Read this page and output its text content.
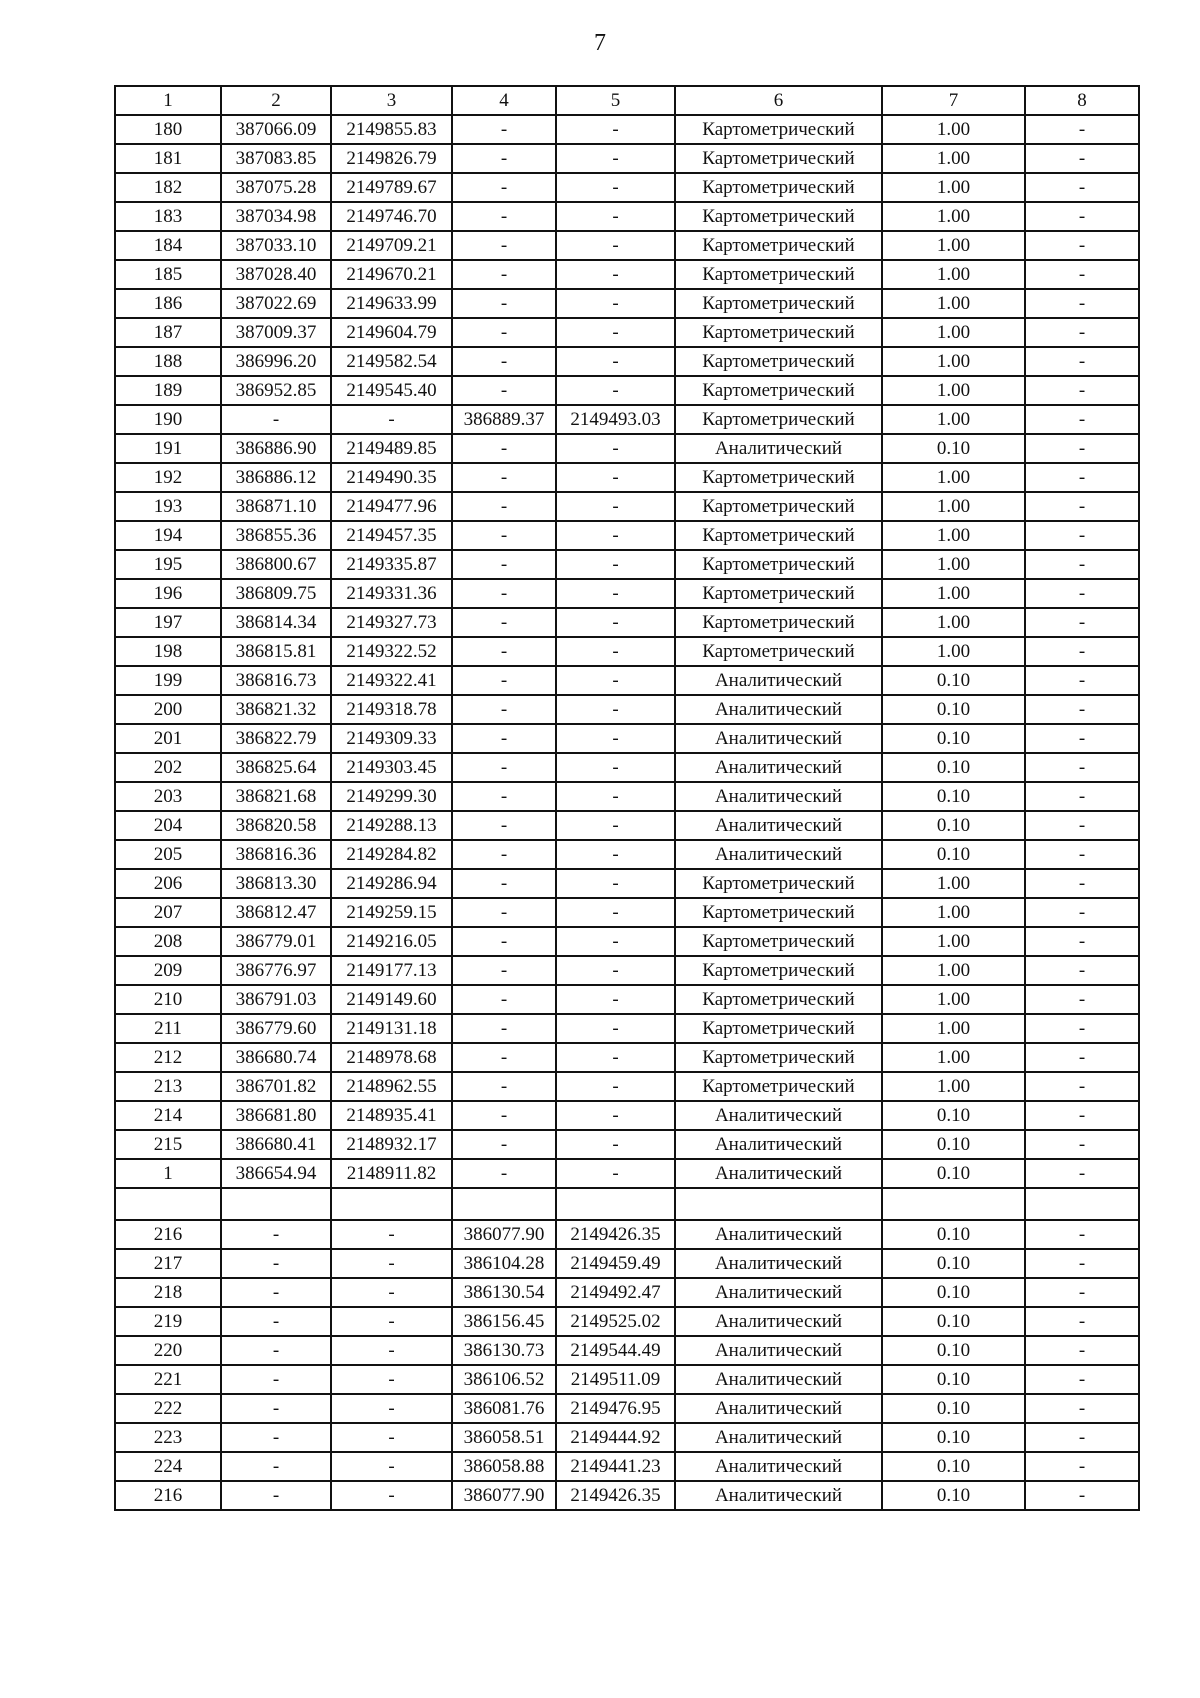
7
1	2	3	4	5	6	7	8
180	387066.09	2149855.83	-	-	Картометрический	1.00	-
181	387083.85	2149826.79	-	-	Картометрический	1.00	-
182	387075.28	2149789.67	-	-	Картометрический	1.00	-
183	387034.98	2149746.70	-	-	Картометрический	1.00	-
184	387033.10	2149709.21	-	-	Картометрический	1.00	-
185	387028.40	2149670.21	-	-	Картометрический	1.00	-
186	387022.69	2149633.99	-	-	Картометрический	1.00	-
187	387009.37	2149604.79	-	-	Картометрический	1.00	-
188	386996.20	2149582.54	-	-	Картометрический	1.00	-
189	386952.85	2149545.40	-	-	Картометрический	1.00	-
190	-	-	386889.37	2149493.03	Картометрический	1.00	-
191	386886.90	2149489.85	-	-	Аналитический	0.10	-
192	386886.12	2149490.35	-	-	Картометрический	1.00	-
193	386871.10	2149477.96	-	-	Картометрический	1.00	-
194	386855.36	2149457.35	-	-	Картометрический	1.00	-
195	386800.67	2149335.87	-	-	Картометрический	1.00	-
196	386809.75	2149331.36	-	-	Картометрический	1.00	-
197	386814.34	2149327.73	-	-	Картометрический	1.00	-
198	386815.81	2149322.52	-	-	Картометрический	1.00	-
199	386816.73	2149322.41	-	-	Аналитический	0.10	-
200	386821.32	2149318.78	-	-	Аналитический	0.10	-
201	386822.79	2149309.33	-	-	Аналитический	0.10	-
202	386825.64	2149303.45	-	-	Аналитический	0.10	-
203	386821.68	2149299.30	-	-	Аналитический	0.10	-
204	386820.58	2149288.13	-	-	Аналитический	0.10	-
205	386816.36	2149284.82	-	-	Аналитический	0.10	-
206	386813.30	2149286.94	-	-	Картометрический	1.00	-
207	386812.47	2149259.15	-	-	Картометрический	1.00	-
208	386779.01	2149216.05	-	-	Картометрический	1.00	-
209	386776.97	2149177.13	-	-	Картометрический	1.00	-
210	386791.03	2149149.60	-	-	Картометрический	1.00	-
211	386779.60	2149131.18	-	-	Картометрический	1.00	-
212	386680.74	2148978.68	-	-	Картометрический	1.00	-
213	386701.82	2148962.55	-	-	Картометрический	1.00	-
214	386681.80	2148935.41	-	-	Аналитический	0.10	-
215	386680.41	2148932.17	-	-	Аналитический	0.10	-
1	386654.94	2148911.82	-	-	Аналитический	0.10	-

216	-	-	386077.90	2149426.35	Аналитический	0.10	-
217	-	-	386104.28	2149459.49	Аналитический	0.10	-
218	-	-	386130.54	2149492.47	Аналитический	0.10	-
219	-	-	386156.45	2149525.02	Аналитический	0.10	-
220	-	-	386130.73	2149544.49	Аналитический	0.10	-
221	-	-	386106.52	2149511.09	Аналитический	0.10	-
222	-	-	386081.76	2149476.95	Аналитический	0.10	-
223	-	-	386058.51	2149444.92	Аналитический	0.10	-
224	-	-	386058.88	2149441.23	Аналитический	0.10	-
216	-	-	386077.90	2149426.35	Аналитический	0.10	-
